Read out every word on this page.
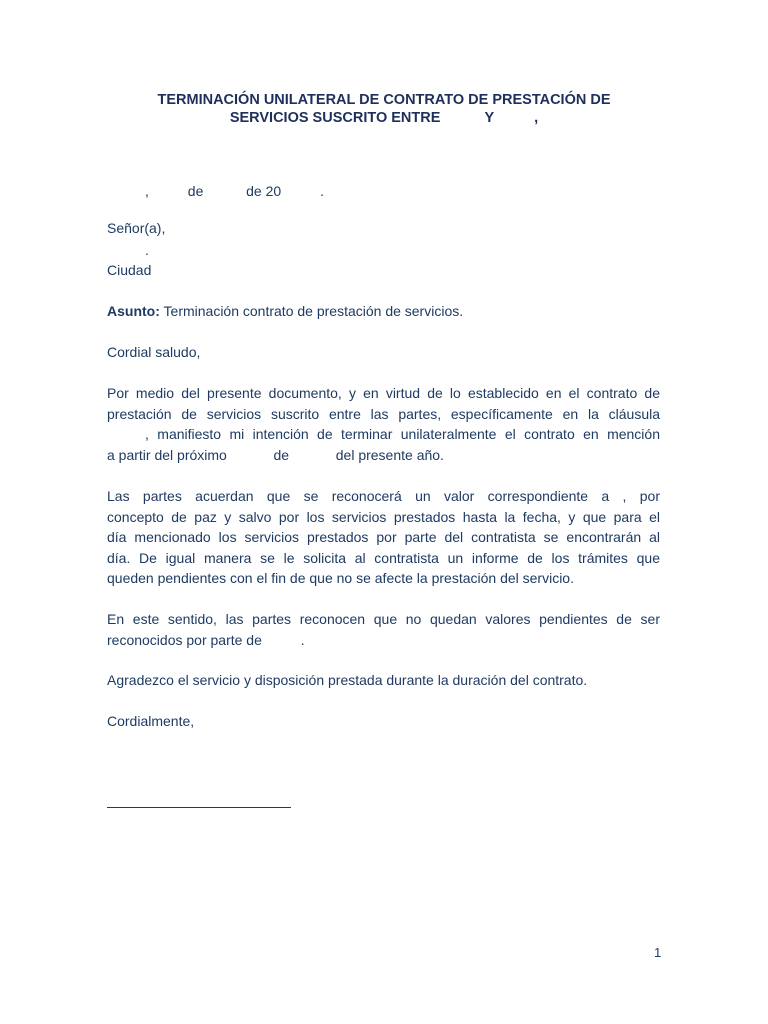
TERMINACIÓN UNILATERAL DE CONTRATO DE PRESTACIÓN DE
SERVICIOS SUSCRITO ENTRE           Y          ,
,          de           de 20          .
Señor(a),
.
Ciudad
Asunto: Terminación contrato de prestación de servicios.
Cordial saludo,
Por medio del presente documento, y en virtud de lo establecido en el contrato de
prestación de servicios suscrito entre las partes, específicamente en la cláusula
, manifiesto mi intención de terminar unilateralmente el contrato en mención
a partir del próximo            de            del presente año.
Las partes acuerdan que se reconocerá un valor correspondiente a , por
concepto de paz y salvo por los servicios prestados hasta la fecha, y que para el
día mencionado los servicios prestados por parte del contratista se encontrarán al
día. De igual manera se le solicita al contratista un informe de los trámites que
queden pendientes con el fin de que no se afecte la prestación del servicio.
En este sentido, las partes reconocen que no quedan valores pendientes de ser
reconocidos por parte de          .
Agradezco el servicio y disposición prestada durante la duración del contrato.
Cordialmente,
1
